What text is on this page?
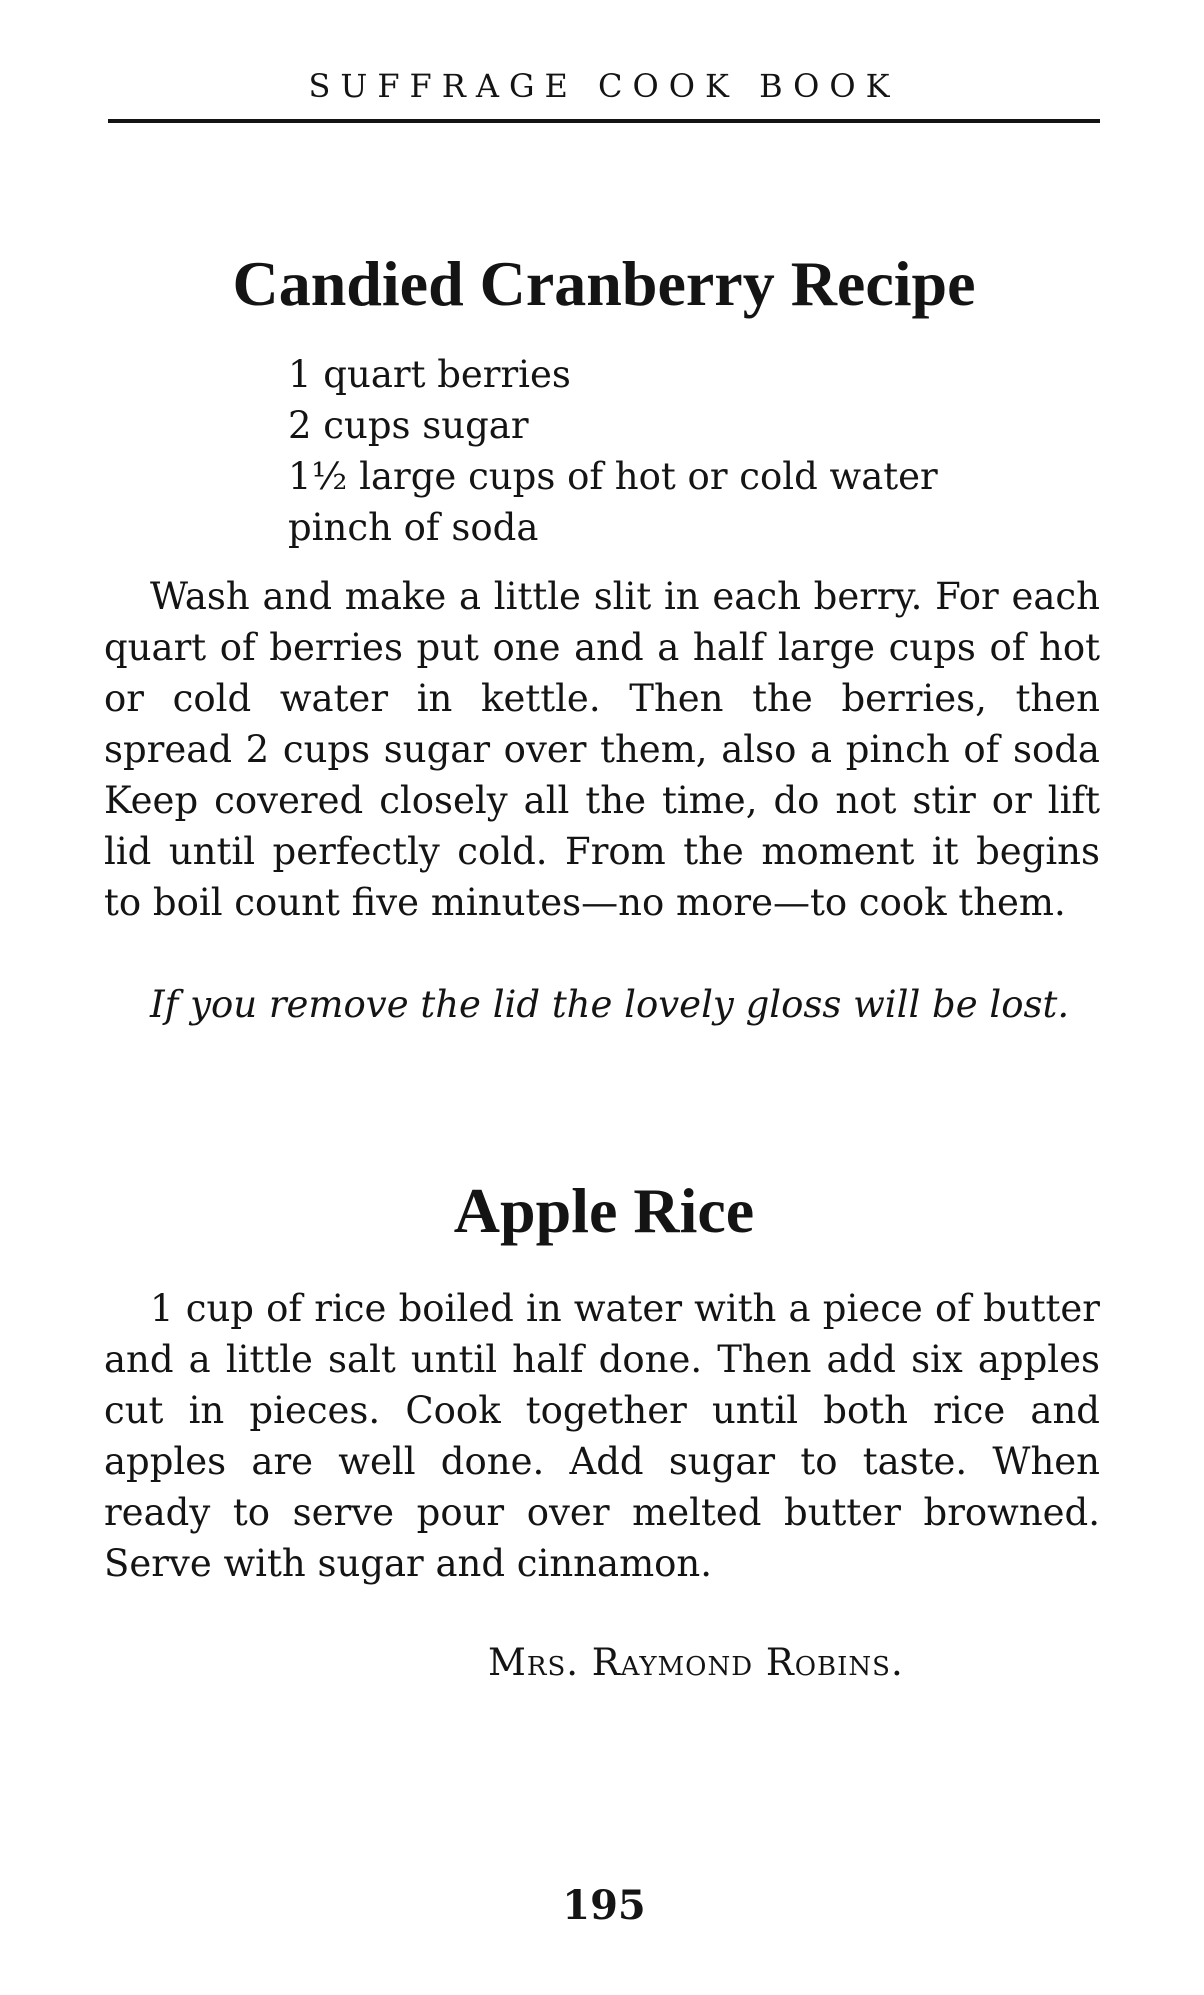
SUFFRAGE COOK BOOK
Candied Cranberry Recipe
1 quart berries
2 cups sugar
1½ large cups of hot or cold water
pinch of soda

Wash and make a little slit in each berry. For each quart of berries put one and a half large cups of hot or cold water in kettle. Then the berries, then spread 2 cups sugar over them, also a pinch of soda Keep covered closely all the time, do not stir or lift lid until perfectly cold. From the moment it begins to boil count five minutes—no more—to cook them.

If you remove the lid the lovely gloss will be lost.

Apple Rice

1 cup of rice boiled in water with a piece of butter and a little salt until half done. Then add six apples cut in pieces. Cook together until both rice and apples are well done. Add sugar to taste. When ready to serve pour over melted butter browned. Serve with sugar and cinnamon.

Mrs. Raymond Robins.
195
